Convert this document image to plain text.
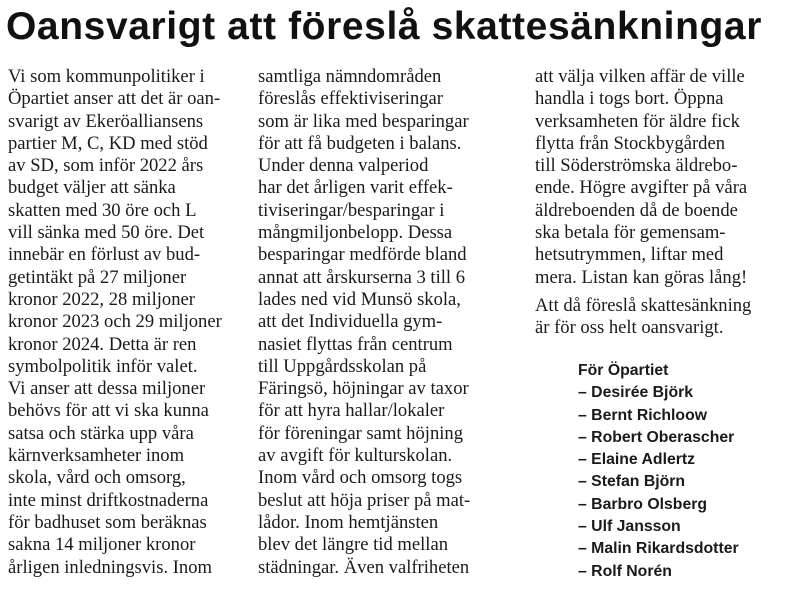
Oansvarigt att föreslå skattesänkningar
Vi som kommunpolitiker i
Öpartiet anser att det är oan-
svarigt av Ekeröalliansens
partier M, C, KD med stöd
av SD, som inför 2022 års
budget väljer att sänka
skatten med 30 öre och L
vill sänka med 50 öre. Det
innebär en förlust av bud-
getintäkt på 27 miljoner
kronor 2022, 28 miljoner
kronor 2023 och 29 miljoner
kronor 2024. Detta är ren
symbolpolitik inför valet.
Vi anser att dessa miljoner
behövs för att vi ska kunna
satsa och stärka upp våra
kärnverksamheter inom
skola, vård och omsorg,
inte minst driftkostnaderna
för badhuset som beräknas
sakna 14 miljoner kronor
årligen inledningsvis. Inom
samtliga nämndområden
föreslås effektiviseringar
som är lika med besparingar
för att få budgeten i balans.
Under denna valperiod
har det årligen varit effek-
tiviseringar/besparingar i
mångmiljonbelopp. Dessa
besparingar medförde bland
annat att årskurserna 3 till 6
lades ned vid Munsö skola,
att det Individuella gym-
nasiet flyttas från centrum
till Uppgårdsskolan på
Färingsö, höjningar av taxor
för att hyra hallar/lokaler
för föreningar samt höjning
av avgift för kulturskolan.
Inom vård och omsorg togs
beslut att höja priser på mat-
lådor. Inom hemtjänsten
blev det längre tid mellan
städningar. Även valfriheten
att välja vilken affär de ville
handla i togs bort. Öppna
verksamheten för äldre fick
flytta från Stockbygården
till Söderströmska äldrebo-
ende. Högre avgifter på våra
äldreboenden då de boende
ska betala för gemensam-
hetsutrymmen, liftar med
mera. Listan kan göras lång!
Att då föreslå skattesänkning
är för oss helt oansvarigt.
För Öpartiet
– Desirée Björk
– Bernt Richloow
– Robert Oberascher
– Elaine Adlertz
– Stefan Björn
– Barbro Olsberg
– Ulf Jansson
– Malin Rikardsdotter
– Rolf Norén
